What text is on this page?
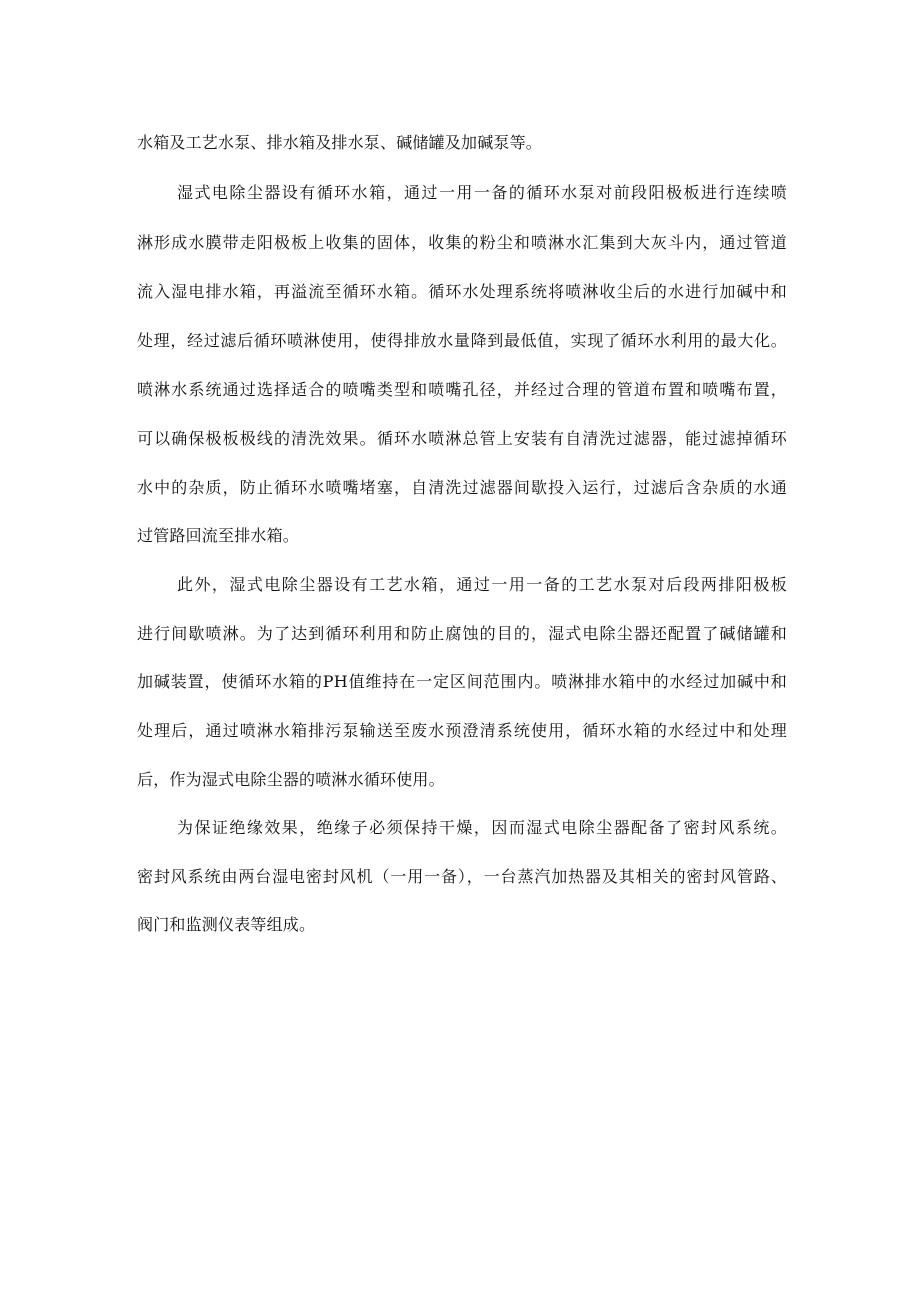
水箱及工艺水泵、排水箱及排水泵、碱储罐及加碱泵等。
湿式电除尘器设有循环水箱，通过一用一备的循环水泵对前段阳极板进行连续喷
淋形成水膜带走阳极板上收集的固体，收集的粉尘和喷淋水汇集到大灰斗内，通过管道
流入湿电排水箱，再溢流至循环水箱。循环水处理系统将喷淋收尘后的水进行加碱中和
处理，经过滤后循环喷淋使用，使得排放水量降到最低值，实现了循环水利用的最大化。
喷淋水系统通过选择适合的喷嘴类型和喷嘴孔径，并经过合理的管道布置和喷嘴布置，
可以确保极板极线的清洗效果。循环水喷淋总管上安装有自清洗过滤器，能过滤掉循环
水中的杂质，防止循环水喷嘴堵塞，自清洗过滤器间歇投入运行，过滤后含杂质的水通
过管路回流至排水箱。
此外，湿式电除尘器设有工艺水箱，通过一用一备的工艺水泵对后段两排阳极板
进行间歇喷淋。为了达到循环利用和防止腐蚀的目的，湿式电除尘器还配置了碱储罐和
加碱装置，使循环水箱的PH值维持在一定区间范围内。喷淋排水箱中的水经过加碱中和
处理后，通过喷淋水箱排污泵输送至废水预澄清系统使用，循环水箱的水经过中和处理
后，作为湿式电除尘器的喷淋水循环使用。
为保证绝缘效果，绝缘子必须保持干燥，因而湿式电除尘器配备了密封风系统。
密封风系统由两台湿电密封风机（一用一备），一台蒸汽加热器及其相关的密封风管路、
阀门和监测仪表等组成。
